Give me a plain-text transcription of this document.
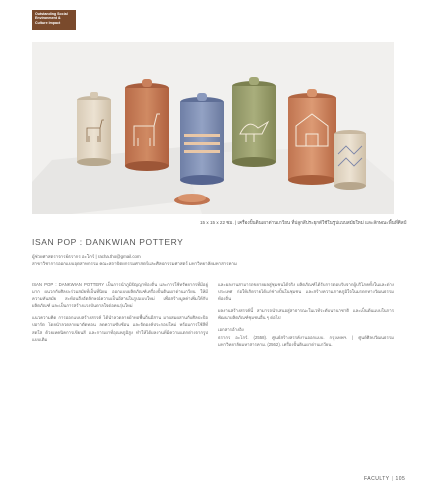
Outstanding Social Environment & Culture Impact
15 x 15 x 22 ซม. | เครื่องปั้นดินเผาด่านเกวียน ที่ปลูกสีประยุกต์ใช้ในรูปแบบสมัยใหม่ และลักษณะพื้นที่ศิลป์
ISAN POP : DANKWIAN POTTERY
ผู้ช่วยศาสตราจารย์ธรากร อะโกร์ | racha.tho@gmail.com
สาขาวิชาการออกแบบอุตสาหกรรม คณะสถาปัตยกรรมศาสตร์และศิลปกรรมศาสตร์ มหาวิทยาลัยมหาสารคาม

ISAN POP : DANKWIAN POTTERY เป็นการนำภูมิปัญญาท้องถิ่น และการใช้ทรัพยากรที่มีอยู่มาก ผนวกกับศิลปะร่วมสมัยที่เป็นที่นิยม ออกแบบผลิตภัณฑ์เครื่องปั้นดินเผาด่านเกวียน ให้มีความทันสมัย สะท้อนถึงอัตลักษณ์ความเป็นอีสานในรูปแบบใหม่ เพื่อสร้างมูลค่าเพิ่มให้กับผลิตภัณฑ์ และเป็นการสร้างแรงบันดาลใจต่อคนรุ่นใหม่

แนวความคิด การออกแบบสร้างสรรค์ ได้นำลวดลายผ้าทอพื้นถิ่นอีสาน มาผสมผสานกับศิลปะป๊อปอาร์ต โดยนำลวดลายมาตัดทอน ลดความซับซ้อน และจัดองค์ประกอบใหม่ พร้อมการใช้สีที่สดใส ด้วยเทคนิคการเขียนสี และการเผาที่อุณหภูมิสูง ทำให้ได้ผลงานที่มีความแตกต่างจากรูปแบบเดิม

และผลงานสามารถขยายผลสู่ชุมชนได้จริง ผลิตภัณฑ์ได้รับการตอบรับจากผู้บริโภคทั้งในและต่างประเทศ ก่อให้เกิดรายได้แก่ช่างปั้นในชุมชน และสร้างความภาคภูมิใจในมรดกทางวัฒนธรรมท้องถิ่น

ผลงานสร้างสรรค์นี้ สามารถนำเสนอสู่สาธารณะในเวทีระดับนานาชาติ และเป็นต้นแบบในการพัฒนาผลิตภัณฑ์ชุมชนอื่น ๆ ต่อไป

เอกสารอ้างอิง

ธรากร อะโกร์. (2558). ศูนย์สร้างสรรค์งานออกแบบ. กรุงเทพฯ. | ศูนย์ศิลปวัฒนธรรม มหาวิทยาลัยมหาสารคาม. (2562). เครื่องปั้นดินเผาด่านเกวียน.

FACULTY | 105
